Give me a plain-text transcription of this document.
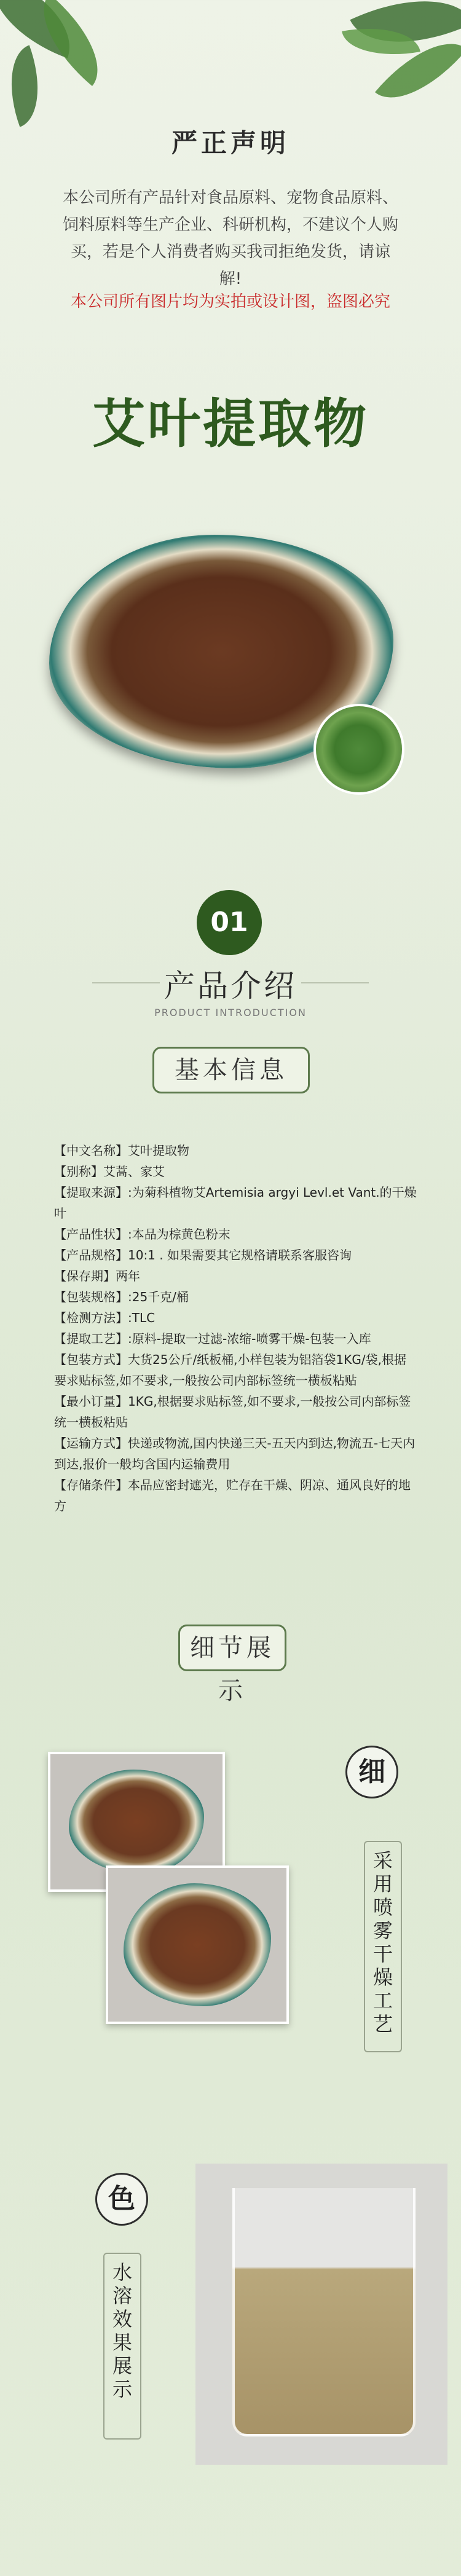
严正声明
本公司所有产品针对食品原料、宠物食品原料、饲料原料等生产企业、科研机构，不建议个人购买，若是个人消费者购买我司拒绝发货，请谅解!
本公司所有图片均为实拍或设计图，盗图必究
艾叶提取物
01
产品介绍
PRODUCT INTRODUCTION
基本信息
【中文名称】艾叶提取物
【别称】艾蒿、家艾
【提取来源】:为菊科植物艾Artemisia argyi Levl.et Vant.的干燥叶
【产品性状】:本品为棕黄色粉末
【产品规格】10:1 . 如果需要其它规格请联系客服咨询
【保存期】两年
【包装规格】:25千克/桶
【检测方法】:TLC
【提取工艺】:原料-提取一过滤-浓缩-喷雾干燥-包装一入库
【包装方式】大货25公斤/纸板桶,小样包装为铝箔袋1KG/袋,根据要求贴标签,如不要求,一般按公司内部标签统一横板粘贴
【最小订量】1KG,根据要求贴标签,如不要求,一般按公司内部标签统一横板粘贴
【运输方式】快递或物流,国内快递三天-五天内到达,物流五-七天内到达,报价一般均含国内运输费用
【存储条件】本品应密封遮光，贮存在干燥、阴凉、通风良好的地方
细节展示
细
采用喷雾干燥工艺
色
水溶效果展示
